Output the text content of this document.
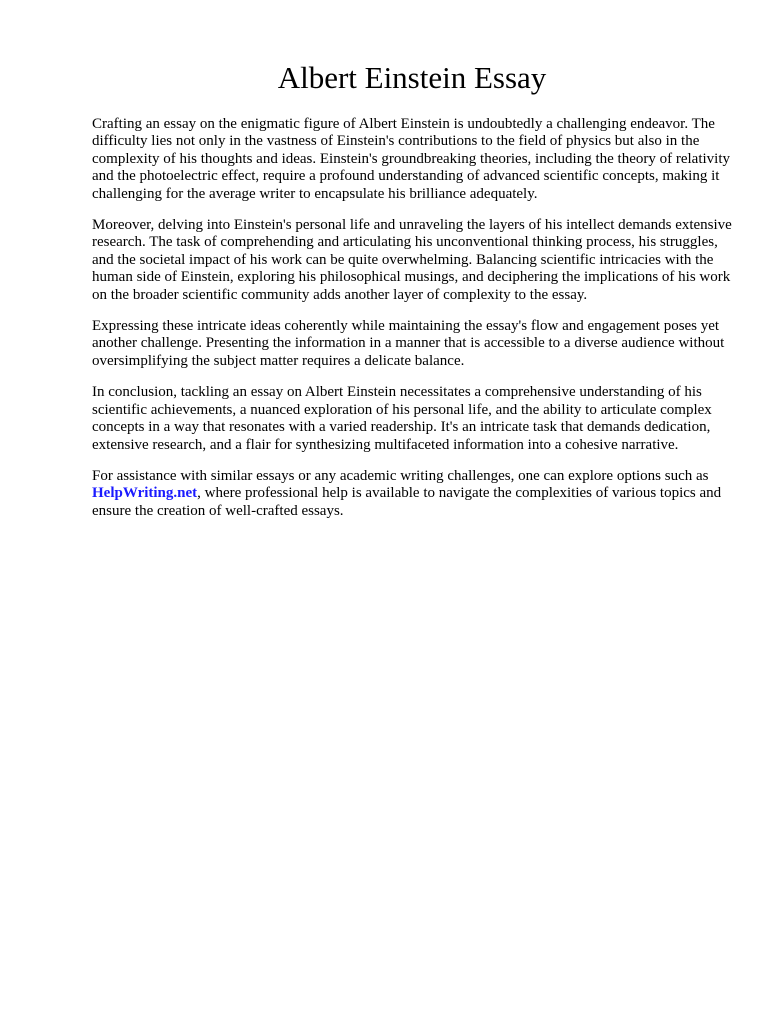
Albert Einstein Essay

Crafting an essay on the enigmatic figure of Albert Einstein is undoubtedly a challenging endeavor. The difficulty lies not only in the vastness of Einstein's contributions to the field of physics but also in the complexity of his thoughts and ideas. Einstein's groundbreaking theories, including the theory of relativity and the photoelectric effect, require a profound understanding of advanced scientific concepts, making it challenging for the average writer to encapsulate his brilliance adequately.

Moreover, delving into Einstein's personal life and unraveling the layers of his intellect demands extensive research. The task of comprehending and articulating his unconventional thinking process, his struggles, and the societal impact of his work can be quite overwhelming. Balancing scientific intricacies with the human side of Einstein, exploring his philosophical musings, and deciphering the implications of his work on the broader scientific community adds another layer of complexity to the essay.

Expressing these intricate ideas coherently while maintaining the essay's flow and engagement poses yet another challenge. Presenting the information in a manner that is accessible to a diverse audience without oversimplifying the subject matter requires a delicate balance.

In conclusion, tackling an essay on Albert Einstein necessitates a comprehensive understanding of his scientific achievements, a nuanced exploration of his personal life, and the ability to articulate complex concepts in a way that resonates with a varied readership. It's an intricate task that demands dedication, extensive research, and a flair for synthesizing multifaceted information into a cohesive narrative.

For assistance with similar essays or any academic writing challenges, one can explore options such as HelpWriting.net, where professional help is available to navigate the complexities of various topics and ensure the creation of well-crafted essays.
